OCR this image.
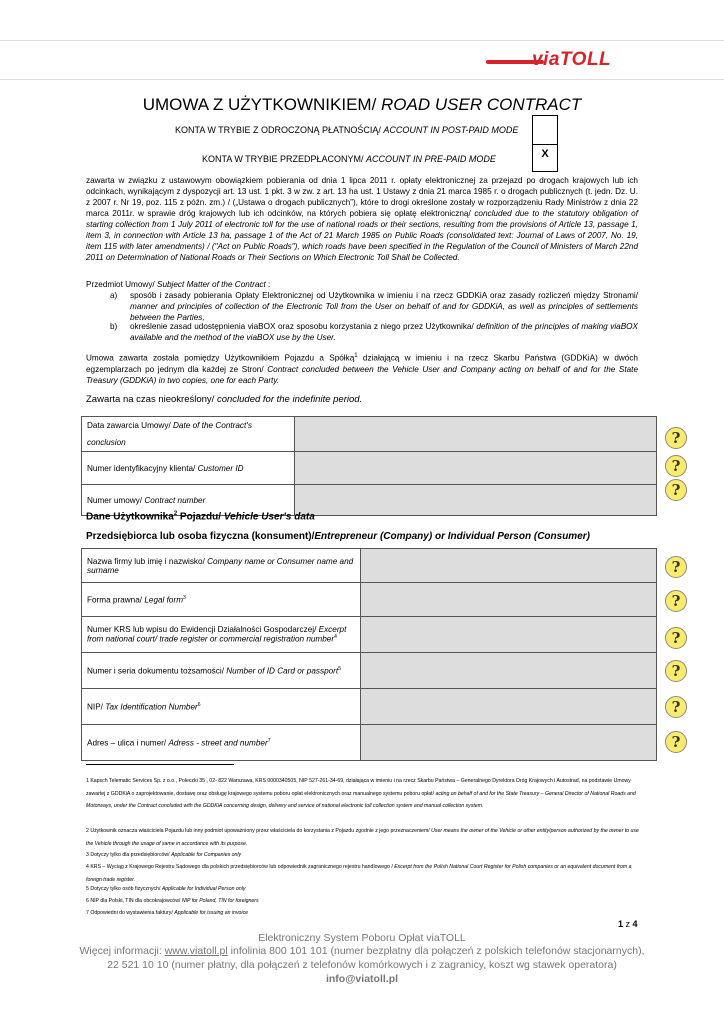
viaTOLL
UMOWA Z UŻYTKOWNIKIEM/ ROAD USER CONTRACT
KONTA W TRYBIE Z ODROCZONĄ PŁATNOŚCIĄ/ ACCOUNT IN POST-PAID MODE
KONTA W TRYBIE PRZEDPŁACONYM/ ACCOUNT IN PRE-PAID MODE	X
zawarta w związku z ustawowym obowiązkiem pobierania od dnia 1 lipca 2011 r. opłaty elektronicznej za przejazd po drogach krajowych lub ich odcinkach, wynikającym z dyspozycji art. 13 ust. 1 pkt. 3 w zw. z art. 13 ha ust. 1 Ustawy z dnia 21 marca 1985 r. o drogach publicznych (t. jedn. Dz. U. z 2007 r. Nr 19, poz. 115 z późn. zm.) / („Ustawa o drogach publicznych”), które to drogi określone zostały w rozporządzeniu Rady Ministrów z dnia 22 marca 2011r. w sprawie dróg krajowych lub ich odcinków, na których pobiera się opłatę elektroniczną/ concluded due to the statutory obligation of starting collection from 1 July 2011 of electronic toll for the use of national roads or their sections, resulting from the provisions of Article 13, passage 1, item 3, in connection with Article 13 ha, passage 1 of the Act of 21 March 1985 on Public Roads (consolidated text: Journal of Laws of 2007, No. 19, item 115 with later amendments) / ("Act on Public Roads"), which roads have been specified in the Regulation of the Council of Ministers of March 22nd 2011 on Determination of National Roads or Their Sections on Which Electronic Toll Shall be Collected.
Przedmiot Umowy/ Subject Matter of the Contract :
a) sposób i zasady pobierania Opłaty Elektronicznej od Użytkownika w imieniu i na rzecz GDDKiA oraz zasady rozliczeń między Stronami/ manner and principles of collection of the Electronic Toll from the User on behalf of and for GDDKiA, as well as principles of settlements between the Parties,
b) określenie zasad udostępnienia viaBOX oraz sposobu korzystania z niego przez Użytkownika/ definition of the principles of making viaBOX available and the method of the viaBOX use by the User.
Umowa zawarta została pomiędzy Użytkownikiem Pojazdu a Spółką$^1$ działającą w imieniu i na rzecz Skarbu Państwa (GDDKiA) w dwóch egzemplarzach po jednym dla każdej ze Stron/ Contract concluded between the Vehicle User and Company acting on behalf of and for the State Treasury (GDDKiA) in two copies, one for each Party.
Zawarta na czas nieokreślony/ concluded for the indefinite period.
Data zawarcia Umowy/ Date of the Contract's conclusion	
Numer identyfikacyjny klienta/ Customer ID	
Numer umowy/ Contract number	
?
?
?
Dane Użytkownika$^2$ Pojazdu/ Vehicle User's data
Przedsiębiorca lub osoba fizyczna (konsument)/Entrepreneur (Company) or Individual Person (Consumer)
Nazwa firmy lub imię i nazwisko/ Company name or Consumer name and surname	
Forma prawna/ Legal form$^3$	
Numer KRS lub wpisu do Ewidencji Działalności Gospodarczej/ Excerpt from national court/ trade register or commercial registration number$^4$	
Numer i seria dokumentu tożsamości/ Number of ID Card or passport$^5$	
NIP/ Tax Identification Number$^6$	
Adres – ulica i numer/ Adress - street and number$^7$	
?
?
?
?
?
?
1 Kapsch Telematic Services Sp. z o.o., Poleczki 35 , 02- 822 Warszawa, KRS 0000340505, NIP 527-261-34-69, działająca w imieniu i na rzecz Skarbu Państwa – Generalnego Dyrektora Dróg Krajowych i Autostrad, na podstawie Umowy zawartej z GDDKiA o zaprojektowanie, dostawę oraz obsługę krajowego systemu poboru opłat elektronicznych oraz manualnego systemu poboru opłat/ acting on behalf of and for the State Treasury – General Director of National Roads and Motorways, under the Contract concluded with the GDDKiA concerning design, delivery and service of national electronic toll collection system and manual collection system.
2 Użytkownik oznacza właściciela Pojazdu lub inny podmiot upoważniony przez właściciela do korzystania z Pojazdu zgodnie z jego przeznaczeniem/ User means the owner of the Vehicle or other entity/person authorized by the owner to use the Vehicle through the usage of same in accordance with its purpose.
3 Dotyczy tylko dla przedsiębiorców/ Applicable for Companies only
4 KRS – Wyciąg z Krajowego Rejestru Sądowego dla polskich przedsiębiorców lub odpowiednik zagranicznego rejestru handlowego / Excerpt from the Polish National Court Register for Polish companies or an equivalent document from a foreign trade register.
5 Dotyczy tylko osób fizycznych/ Applicable for Individual Person only
6 NIP dla Polski, TIN dla obcokrajowców/ NIP for Poland, TIN for foreigners
7 Odpowiedni do wystawienia faktury/ Applicable for issuing an invoice
1 z 4
Elektroniczny System Poboru Opłat viaTOLL
Więcej informacji: www.viatoll.pl infolinia 800 101 101 (numer bezpłatny dla połączeń z polskich telefonów stacjonarnych),
22 521 10 10 (numer płatny, dla połączeń z telefonów komórkowych i z zagranicy, koszt wg stawek operatora)
info@viatoll.pl
